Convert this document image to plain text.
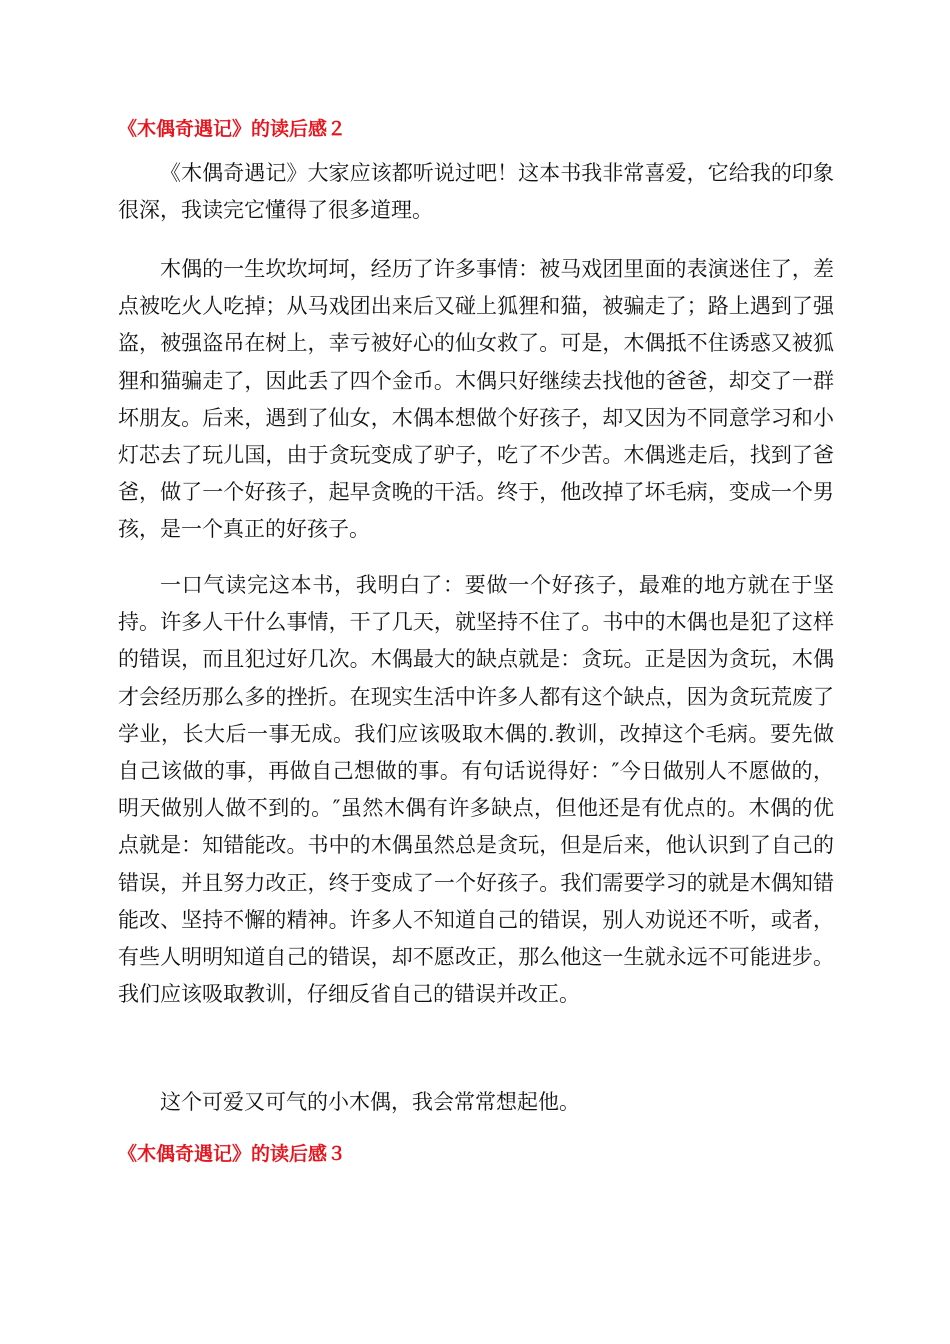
《木偶奇遇记》的读后感２

《木偶奇遇记》大家应该都听说过吧！这本书我非常喜爱，它给我的印象很深，我读完它懂得了很多道理。

木偶的一生坎坎坷坷，经历了许多事情：被马戏团里面的表演迷住了，差点被吃火人吃掉；从马戏团出来后又碰上狐狸和猫，被骗走了；路上遇到了强盗，被强盗吊在树上，幸亏被好心的仙女救了。可是，木偶抵不住诱惑又被狐狸和猫骗走了，因此丢了四个金币。木偶只好继续去找他的爸爸，却交了一群坏朋友。后来，遇到了仙女，木偶本想做个好孩子，却又因为不同意学习和小灯芯去了玩儿国，由于贪玩变成了驴子，吃了不少苦。木偶逃走后，找到了爸爸，做了一个好孩子，起早贪晚的干活。终于，他改掉了坏毛病，变成一个男孩，是一个真正的好孩子。

一口气读完这本书，我明白了：要做一个好孩子，最难的地方就在于坚持。许多人干什么事情，干了几天，就坚持不住了。书中的木偶也是犯了这样的错误，而且犯过好几次。木偶最大的缺点就是：贪玩。正是因为贪玩，木偶才会经历那么多的挫折。在现实生活中许多人都有这个缺点，因为贪玩荒废了学业，长大后一事无成。我们应该吸取木偶的.教训，改掉这个毛病。要先做自己该做的事，再做自己想做的事。有句话说得好：″今日做别人不愿做的，明天做别人做不到的。″虽然木偶有许多缺点，但他还是有优点的。木偶的优点就是：知错能改。书中的木偶虽然总是贪玩，但是后来，他认识到了自己的错误，并且努力改正，终于变成了一个好孩子。我们需要学习的就是木偶知错能改、坚持不懈的精神。许多人不知道自己的错误，别人劝说还不听，或者，有些人明明知道自己的错误，却不愿改正，那么他这一生就永远不可能进步。我们应该吸取教训，仔细反省自己的错误并改正。

这个可爱又可气的小木偶，我会常常想起他。

《木偶奇遇记》的读后感３
